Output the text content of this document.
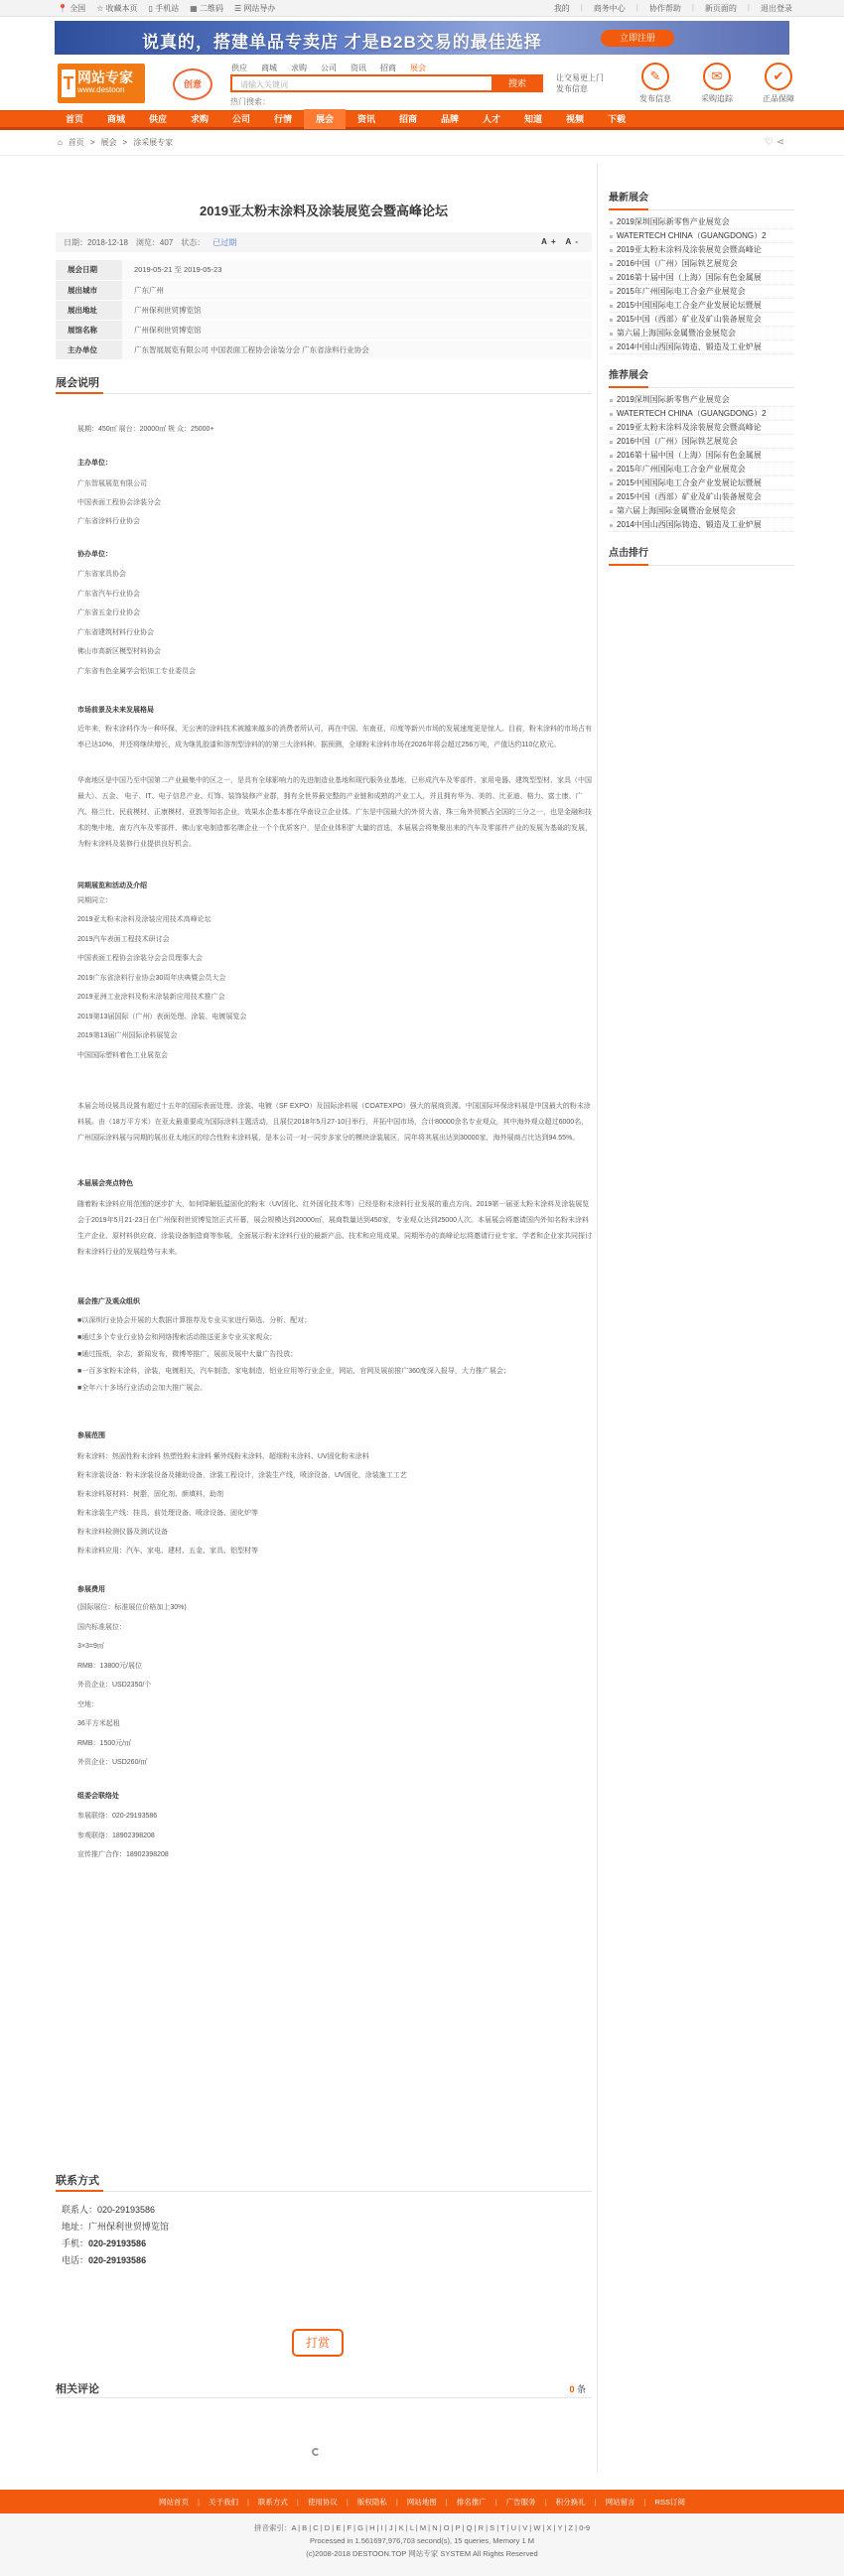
📍 全国 ☆ 收藏本页 ▯ 手机站 ▦ 二维码 ☰ 网站导办	我的 | 商务中心 | 协作帮助 | 新页面的 | 退出登录
说真的，搭建单品专卖店 才是B2B交易的最佳选择	立即注册
T 网站专家
www.destoon
创意
供应 商城 求购 公司 资讯 招商 展会
请输入关键词	搜索
热门搜索：
让交易更上门
发布信息
✎
发布信息
✉
采购追踪
✔
正品保障
首页	商城	供应	求购	公司	行情	展会	资讯	招商	品牌	人才	知道	视频	下载
⌂ 首页 > 展会 > 涂采展专家	♡ ⋖
2019亚太粉末涂料及涂装展览会暨高峰论坛
日期：2018-12-18 浏览：407 状态： 已过期	A+ A-
展会日期	2019-05-21 至 2019-05-23
展出城市	广东广州
展出地址	广州保利世贸博览馆
展馆名称	广州保利世贸博览馆
主办单位	广东智展展览有限公司 中国表面工程协会涂装分会 广东省涂料行业协会
展会说明

展期：450㎡ 展台：20000㎡ 规 众：25000+

主办单位：

广东智展展览有限公司

中国表面工程协会涂装分会

广东省涂料行业协会

协办单位：

广东省家具协会

广东省汽车行业协会

广东省五金行业协会

广东省建筑材料行业协会

佛山市高新区模型材料协会

广东省有色金属学会铝加工专业委员会

市场前景及未来发展格局

近年来，粉末涂料作为一种环保、无公害的涂料技术被越来越多的消费者所认可，再在中国、东南亚、印度等新兴市场的发展速度更是惊人。目前，粉末涂料的市场占有率已达10%，并还将继续增长，成为继乳胶漆和溶剂型涂料的的第三大涂料种。据预测，全球粉末涂料市场在2026年将会超过256万吨，产值达约110亿欧元。

华南地区是中国乃至中国第二产业最集中的区之一，是具有全球影响力的先进制造业基地和现代服务业基地，已形成汽车及零部件、家用电器、建筑型型材、家具（中国最大）、五金、 电子、IT、电子信息产业、灯饰、装饰装修产业群，拥有全世界最完整的产业链和成熟的产业工人，并且拥有华为、美的、比亚迪、格力、富士康、广汽、格兰仕、民前模材、正康模材、亚敦等知名企业，效果水企基本都在华南设立企业体。广东是中国最大的外贸大省，珠三角外贸额占全国的三分之一，也是金融和技术的集中地，南方汽车及零部件、佛山家电制造都名牌企业一个个优质客户，是企业体积扩大量的首选，本届展会将集聚出来的汽车及零部件产业的发展为基础的发展，为粉末涂料及装修行业提供良好机会。

同期展览和活动及介绍

同期同立：

2019亚太粉末涂料及涂装应用技术高峰论坛

2019汽车表面工程技术研讨会

中国表面工程协会涂装分会会员理事大会

2019广东省涂料行业协会30周年庆典暨会员大会

2019亚洲工业涂料及粉末涂装新应用技术推广会

2019第13届国际（广州）表面处理、涂装、电镀展览会

2019第13届广州国际涂料展览会

中国国际塑料着色工业展览会

本届会场设展具设置有超过十五年的国际表面处理、涂装、电镀（SF EXPO）及国际涂料展（COATEXPO）强大的展商资源。中国国际环保涂料展是中国最大的粉末涂料展。由（18万平方米）在亚太最重要成为国际涂料主题活动，且展位2018年5月27-10日举行，开拓中国市场，合计80000余名专业观众，其中海外观众超过6000名，广州国际涂料展与同期的展出亚太地区的综合性粉末涂料展，是本公司一对一同步多家分的模块涂装展区，同年将其展出达到30000家，海外展商占比达到94.55%。

本届展会亮点特色

随着粉末涂料应用范围的逐步扩大，如何降解低温固化的粉末（UV固化、红外固化技术等）已经是粉末涂料行业发展的重点方向。2019第一届亚太粉末涂料及涂装展览会于2019年5月21-23日在广州保利世贸博览馆正式开幕，展会规模达到20000㎡，展商数量达到450家，专业观众达到25000人次。本届展会将邀请国内外知名粉末涂料生产企业、原材料供应商、涂装设备制造商等参展，全面展示粉末涂料行业的最新产品、技术和应用成果。同期举办的高峰论坛将邀请行业专家、学者和企业家共同探讨粉末涂料行业的发展趋势与未来。

展会推广及观众组织

■以深圳行业协会开展的大数据计算推荐及专业买家进行筛选、分析、配对；

■通过多个专业行业协会和网络搜索活动推送更多专业买家观众；

■通过报纸，杂志，新闻发布，微博等推广，展前及展中大量广告投放；

■一百多家粉末涂料，涂装，电镀相关，汽车制造，家电制造，铝业应用等行业企业，网站，官网及展前推广360度深入报导，大力推广展会；

■全年六十多场行业活动会加大推广展会。

参展范围

粉末涂料：热固性粉末涂料 热塑性粉末涂料 紫外线粉末涂料、超细粉末涂料、UV固化粉末涂料

粉末涂装设备：粉末涂装设备及辅助设备，涂装工程设计，涂装生产线，喷涂设备，UV固化，涂装施工工艺

粉末涂料原材料：树脂，固化剂、颜填料，助剂

粉末涂装生产线：挂具、前处理设备、喷涂设备、固化炉等

粉末涂料检测仪器及测试设备

粉末涂料应用：汽车、家电、建材、五金、家具、铝型材等

参展费用

(国际展位：标准展位价格加上30%)

国内标准展位：

3×3=9㎡

RMB：13800元/展位

外资企业：USD2350/个

空地：

36平方米起租

RMB：1500元/㎡

外资企业：USD260/㎡

组委会联络处

参展联络：020-29193586

参观联络：18902398208

宣传推广合作：18902398208

联系方式
联系人：020-29193586
地址：广州保利世贸博览馆
手机：020-29193586
电话：020-29193586
打赏
相关评论	0 条
最新展会
2019深圳国际新零售产业展览会
WATERTECH CHINA（GUANGDONG）2
2019亚太粉末涂料及涂装展览会暨高峰论
2016中国（广州）国际铁艺展览会
2016第十届中国（上海）国际有色金属展
2015年广州国际电工合金产业展览会
2015中国国际电工合金产业发展论坛暨展
2015中国（西部）矿业及矿山装备展览会
第六届上海国际金属暨冶金展览会
2014中国山西国际铸造、锻造及工业炉展
推荐展会
2019深圳国际新零售产业展览会
WATERTECH CHINA（GUANGDONG）2
2019亚太粉末涂料及涂装展览会暨高峰论
2016中国（广州）国际铁艺展览会
2016第十届中国（上海）国际有色金属展
2015年广州国际电工合金产业展览会
2015中国国际电工合金产业发展论坛暨展
2015中国（西部）矿业及矿山装备展览会
第六届上海国际金属暨冶金展览会
2014中国山西国际铸造、锻造及工业炉展
点击排行
网站首页 | 关于我们 | 联系方式 | 使用协议 | 版权隐私 | 网站地图 | 排名推广 | 广告服务 | 积分换礼 | 网站留言 | RSS订阅
拼音索引：A | B | C | D | E | F | G | H | I | J | K | L | M | N | O | P | Q | R | S | T | U | V | W | X | Y | Z | 0-9
Processed in 1.561697,976,703 second(s), 15 queries, Memory 1 M
(c)2008-2018 DESTOON.TOP 网站专家 SYSTEM All Rights Reserved
